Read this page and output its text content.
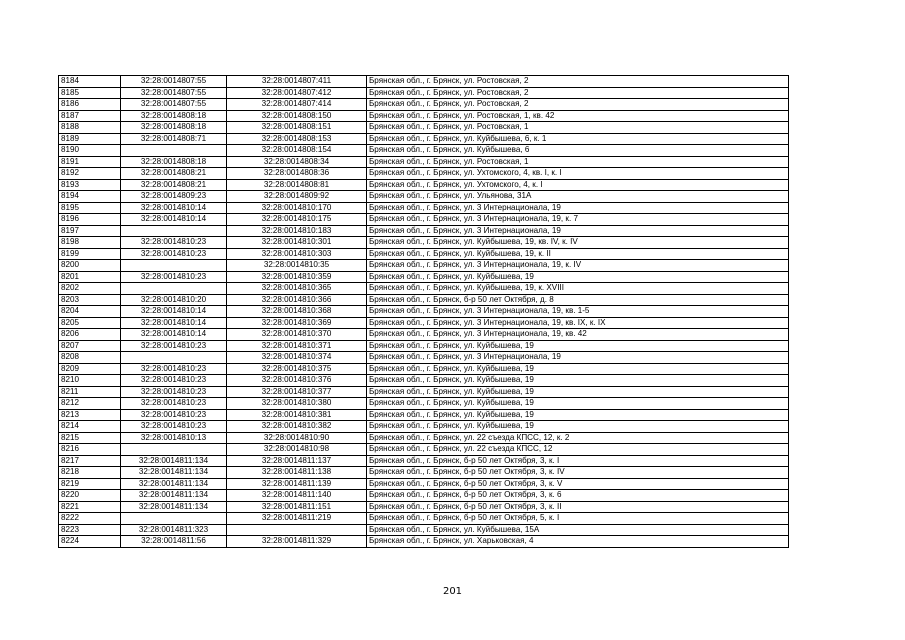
8184	32:28:0014807:55	32:28:0014807:411	Брянская обл., г. Брянск, ул. Ростовская, 2
8185	32:28:0014807:55	32:28:0014807:412	Брянская обл., г. Брянск, ул. Ростовская, 2
8186	32:28:0014807:55	32:28:0014807:414	Брянская обл., г. Брянск, ул. Ростовская, 2
8187	32:28:0014808:18	32:28:0014808:150	Брянская обл., г. Брянск, ул. Ростовская, 1, кв. 42
8188	32:28:0014808:18	32:28:0014808:151	Брянская обл., г. Брянск, ул. Ростовская, 1
8189	32:28:0014808:71	32:28:0014808:153	Брянская обл., г. Брянск, ул. Куйбышева, 6, к. 1
8190		32:28:0014808:154	Брянская обл., г. Брянск, ул. Куйбышева, 6
8191	32:28:0014808:18	32:28:0014808:34	Брянская обл., г. Брянск, ул. Ростовская, 1
8192	32:28:0014808:21	32:28:0014808:36	Брянская обл., г. Брянск, ул. Ухтомского, 4, кв. I, к. I
8193	32:28:0014808:21	32:28:0014808:81	Брянская обл., г. Брянск, ул. Ухтомского, 4, к. I
8194	32:28:0014809:23	32:28:0014809:92	Брянская обл., г. Брянск, ул. Ульянова, 31А
8195	32:28:0014810:14	32:28:0014810:170	Брянская обл., г. Брянск, ул. 3 Интернационала, 19
8196	32:28:0014810:14	32:28:0014810:175	Брянская обл., г. Брянск, ул. 3 Интернационала, 19, к. 7
8197		32:28:0014810:183	Брянская обл., г. Брянск, ул. 3 Интернационала, 19
8198	32:28:0014810:23	32:28:0014810:301	Брянская обл., г. Брянск, ул. Куйбышева, 19, кв. IV, к. IV
8199	32:28:0014810:23	32:28:0014810:303	Брянская обл., г. Брянск, ул. Куйбышева, 19, к. II
8200		32:28:0014810:35	Брянская обл., г. Брянск, ул. 3 Интернационала, 19, к. IV
8201	32:28:0014810:23	32:28:0014810:359	Брянская обл., г. Брянск, ул. Куйбышева, 19
8202		32:28:0014810:365	Брянская обл., г. Брянск, ул. Куйбышева, 19, к. XVIII
8203	32:28:0014810:20	32:28:0014810:366	Брянская обл., г. Брянск, б-р 50 лет Октября, д. 8
8204	32:28:0014810:14	32:28:0014810:368	Брянская обл., г. Брянск, ул. 3 Интернационала, 19, кв. 1-5
8205	32:28:0014810:14	32:28:0014810:369	Брянская обл., г. Брянск, ул. 3 Интернационала, 19, кв. IX, к. IX
8206	32:28:0014810:14	32:28:0014810:370	Брянская обл., г. Брянск, ул. 3 Интернационала, 19, кв. 42
8207	32:28:0014810:23	32:28:0014810:371	Брянская обл., г. Брянск, ул. Куйбышева, 19
8208		32:28:0014810:374	Брянская обл., г. Брянск, ул. 3 Интернационала, 19
8209	32:28:0014810:23	32:28:0014810:375	Брянская обл., г. Брянск, ул. Куйбышева, 19
8210	32:28:0014810:23	32:28:0014810:376	Брянская обл., г. Брянск, ул. Куйбышева, 19
8211	32:28:0014810:23	32:28:0014810:377	Брянская обл., г. Брянск, ул. Куйбышева, 19
8212	32:28:0014810:23	32:28:0014810:380	Брянская обл., г. Брянск, ул. Куйбышева, 19
8213	32:28:0014810:23	32:28:0014810:381	Брянская обл., г. Брянск, ул. Куйбышева, 19
8214	32:28:0014810:23	32:28:0014810:382	Брянская обл., г. Брянск, ул. Куйбышева, 19
8215	32:28:0014810:13	32:28:0014810:90	Брянская обл., г. Брянск, ул. 22 съезда КПСС, 12, к. 2
8216		32:28:0014810:98	Брянская обл., г. Брянск, ул. 22 съезда КПСС, 12
8217	32:28:0014811:134	32:28:0014811:137	Брянская обл., г. Брянск, б-р 50 лет Октября, 3, к. I
8218	32:28:0014811:134	32:28:0014811:138	Брянская обл., г. Брянск, б-р 50 лет Октября, 3, к. IV
8219	32:28:0014811:134	32:28:0014811:139	Брянская обл., г. Брянск, б-р 50 лет Октября, 3, к. V
8220	32:28:0014811:134	32:28:0014811:140	Брянская обл., г. Брянск, б-р 50 лет Октября, 3, к. 6
8221	32:28:0014811:134	32:28:0014811:151	Брянская обл., г. Брянск, б-р 50 лет Октября, 3, к. II
8222		32:28:0014811:219	Брянская обл., г. Брянск, б-р 50 лет Октября, 5, к. I
8223	32:28:0014811:323		Брянская обл., г. Брянск, ул. Куйбышева, 15А
8224	32:28:0014811:56	32:28:0014811:329	Брянская обл., г. Брянск, ул. Харьковская, 4
201
